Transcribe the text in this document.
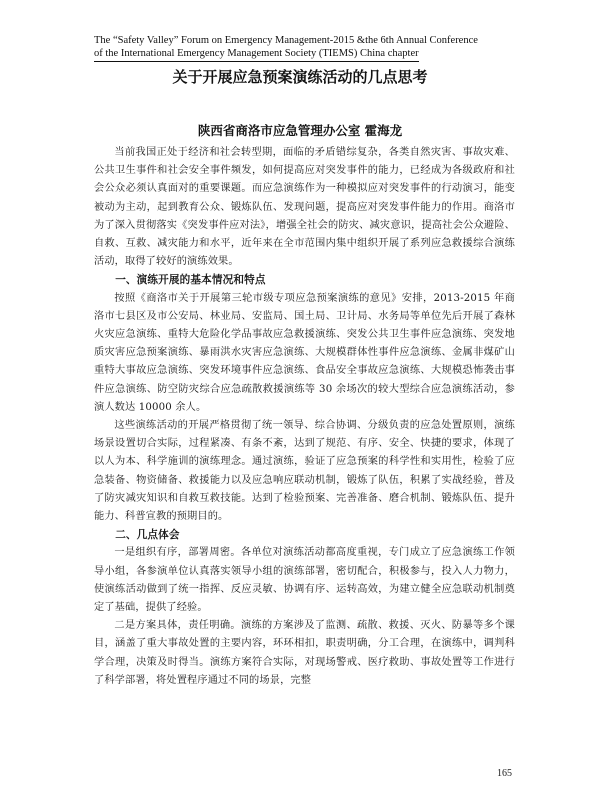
The “Safety Valley” Forum on Emergency Management-2015 &the 6th Annual Conference
of the International Emergency Management Society (TIEMS) China chapter
关于开展应急预案演练活动的几点思考
陕西省商洛市应急管理办公室 霍海龙

当前我国正处于经济和社会转型期，面临的矛盾错综复杂，各类自然灾害、事故灾难、公共卫生事件和社会安全事件频发，如何提高应对突发事件的能力，已经成为各级政府和社会公众必须认真面对的重要课题。而应急演练作为一种模拟应对突发事件的行动演习，能变被动为主动，起到教育公众、锻炼队伍、发现问题，提高应对突发事件能力的作用。商洛市为了深入贯彻落实《突发事件应对法》，增强全社会的防灾、减灾意识，提高社会公众避险、自救、互救、减灾能力和水平，近年来在全市范围内集中组织开展了系列应急救援综合演练活动，取得了较好的演练效果。

一、演练开展的基本情况和特点

按照《商洛市关于开展第三轮市级专项应急预案演练的意见》安排，2013-2015 年商洛市七县区及市公安局、林业局、安监局、国土局、卫计局、水务局等单位先后开展了森林火灾应急演练、重特大危险化学品事故应急救援演练、突发公共卫生事件应急演练、突发地质灾害应急预案演练、暴雨洪水灾害应急演练、大规模群体性事件应急演练、金属非煤矿山重特大事故应急演练、突发环境事件应急演练、食品安全事故应急演练、大规模恐怖袭击事件应急演练、防空防灾综合应急疏散救援演练等 30 余场次的较大型综合应急演练活动，参演人数达 10000 余人。

这些演练活动的开展严格贯彻了统一领导、综合协调、分级负责的应急处置原则，演练场景设置切合实际，过程紧凑、有条不紊，达到了规范、有序、安全、快捷的要求，体现了以人为本、科学施训的演练理念。通过演练，验证了应急预案的科学性和实用性，检验了应急装备、物资储备、救援能力以及应急响应联动机制，锻炼了队伍，积累了实战经验，普及了防灾减灾知识和自救互救技能。达到了检验预案、完善准备、磨合机制、锻炼队伍、提升能力、科普宣教的预期目的。

二、几点体会

一是组织有序，部署周密。各单位对演练活动都高度重视，专门成立了应急演练工作领导小组，各参演单位认真落实领导小组的演练部署，密切配合，积极参与，投入人力物力，使演练活动做到了统一指挥、反应灵敏、协调有序、运转高效，为建立健全应急联动机制奠定了基础，提供了经验。

二是方案具体，责任明确。演练的方案涉及了监测、疏散、救援、灭火、防暴等多个课目，涵盖了重大事故处置的主要内容，环环相扣，职责明确，分工合理，在演练中，调判科学合理，决策及时得当。演练方案符合实际，对现场警戒、医疗救助、事故处置等工作进行了科学部署，将处置程序通过不同的场景，完整

165
